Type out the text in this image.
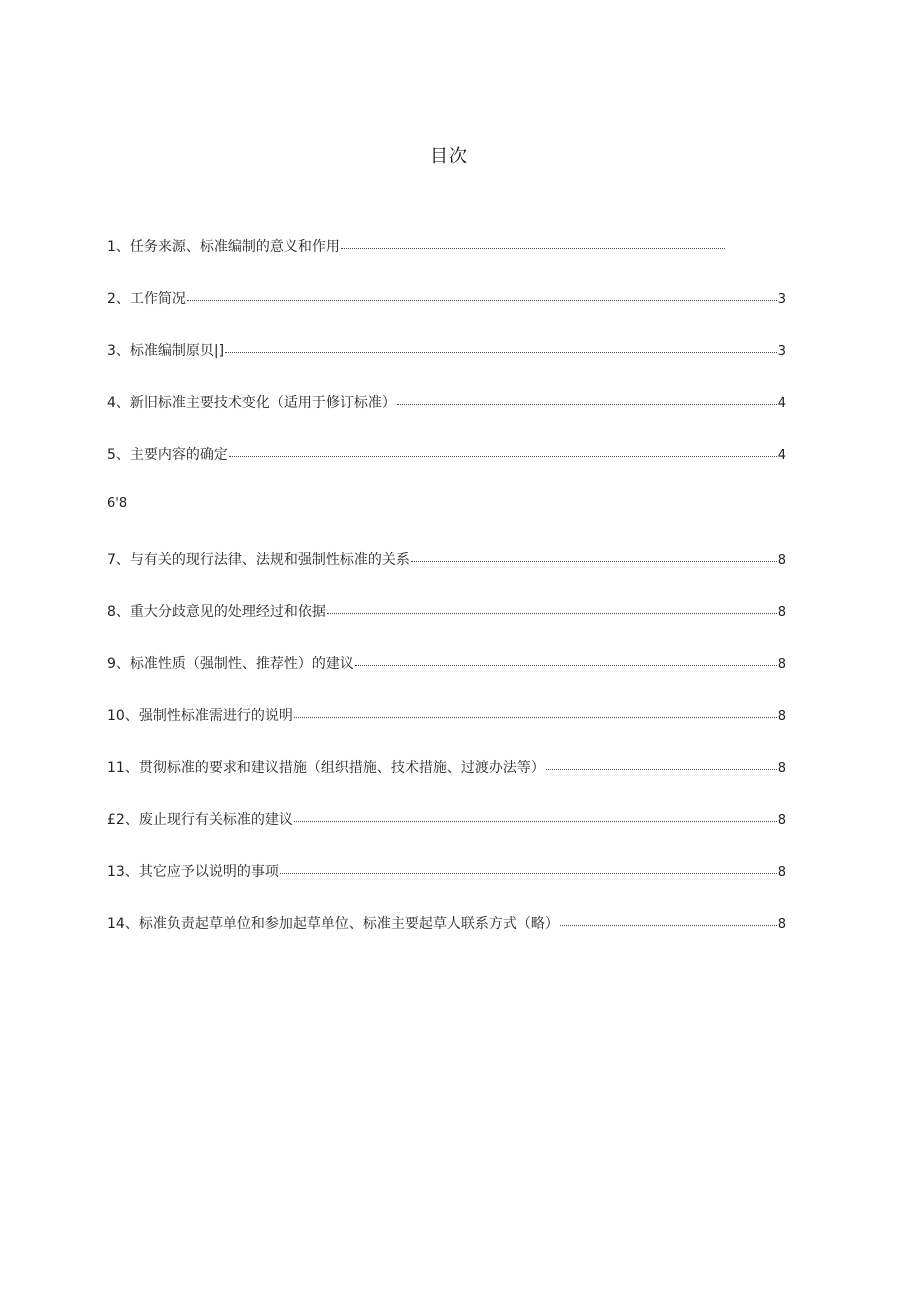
目次
1、任务来源、标准编制的意义和作用
2、工作简况	3
3、标准编制原贝|]	3
4、新旧标准主要技术变化（适用于修订标准）	4
5、主要内容的确定	4
6'8
7、与有关的现行法律、法规和强制性标准的关系	8
8、重大分歧意见的处理经过和依据	8
9、标准性质（强制性、推荐性）的建议	8
10、强制性标准需进行的说明	8
11、贯彻标准的要求和建议措施（组织措施、技术措施、过渡办法等）	8
£2、废止现行有关标准的建议	8
13、其它应予以说明的事项	8
14、标准负责起草单位和参加起草单位、标准主要起草人联系方式（略）	8
